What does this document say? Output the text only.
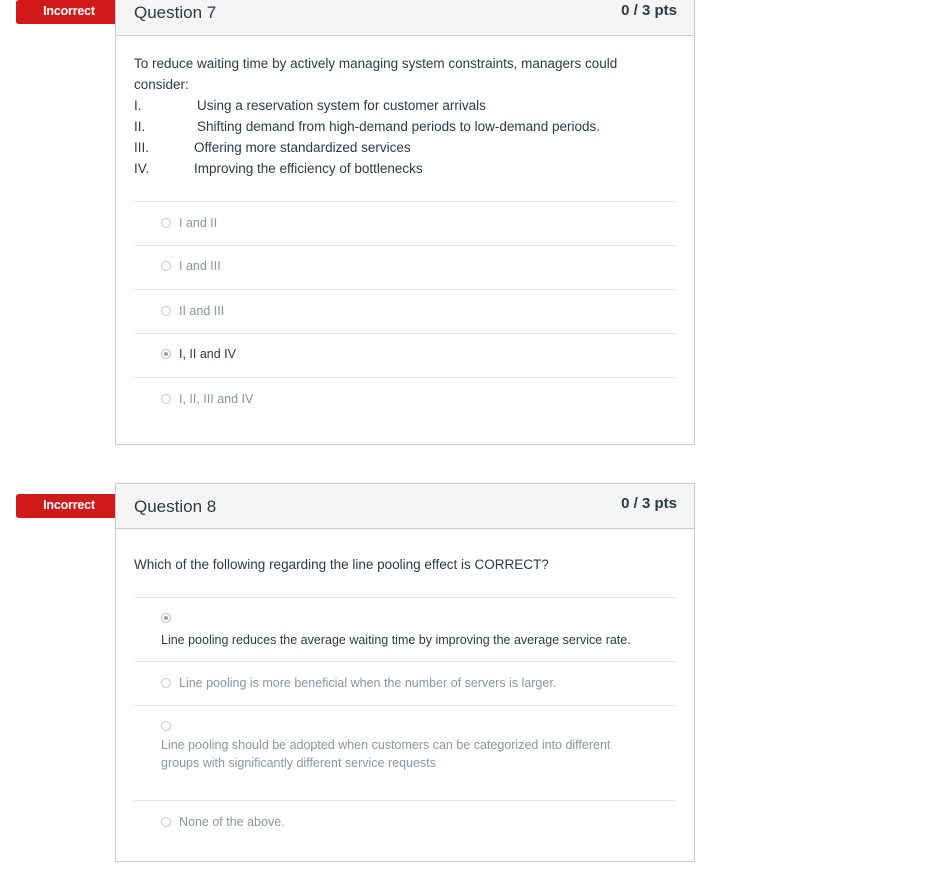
Incorrect	Question 7	0 / 3 pts
To reduce waiting time by actively managing system constraints, managers could consider:
I.	Using a reservation system for customer arrivals
II.	Shifting demand from high-demand periods to low-demand periods.
III.	Offering more standardized services
IV.	Improving the efficiency of bottlenecks
I and II
I and III
II and III
I, II and IV
I, II, III and IV
Incorrect	Question 8	0 / 3 pts
Which of the following regarding the line pooling effect is CORRECT?
Line pooling reduces the average waiting time by improving the average service rate.
Line pooling is more beneficial when the number of servers is larger.
Line pooling should be adopted when customers can be categorized into different groups with significantly different service requests
None of the above.
